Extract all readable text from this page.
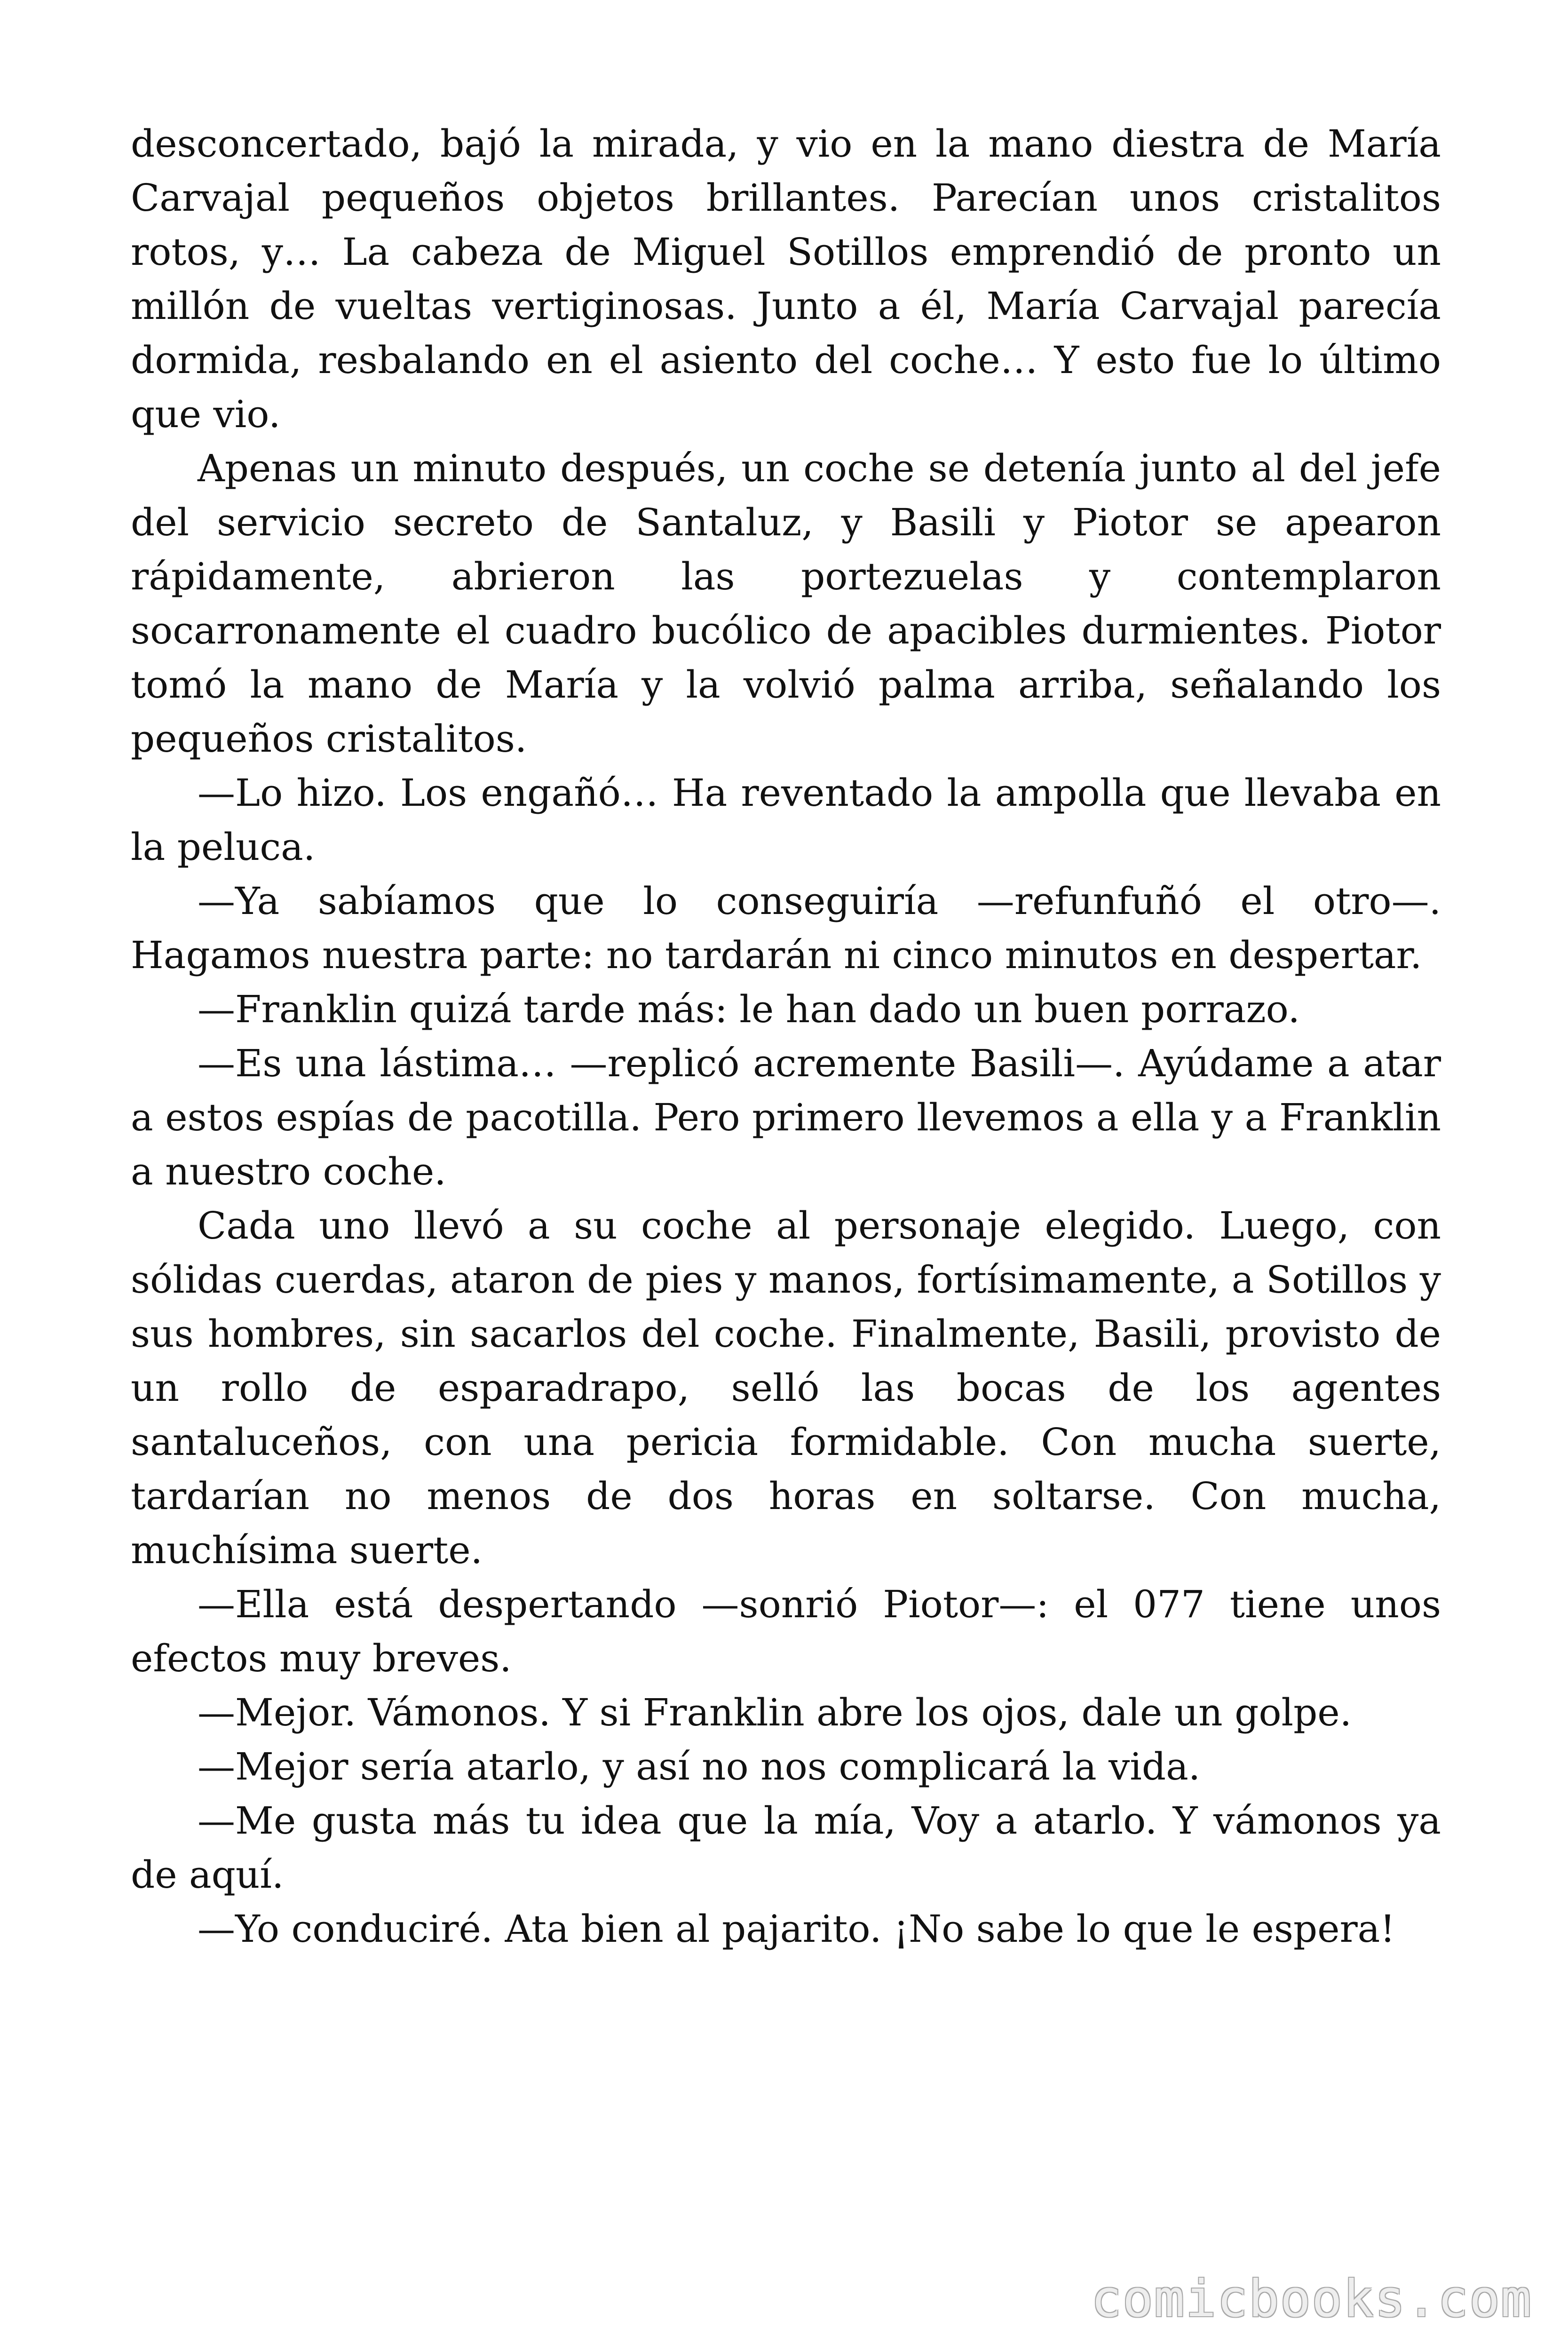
desconcertado, bajó la mirada, y vio en la mano diestra de María Carvajal pequeños objetos brillantes. Parecían unos cristalitos rotos, y… La cabeza de Miguel Sotillos emprendió de pronto un millón de vueltas vertiginosas. Junto a él, María Carvajal parecía dormida, resbalando en el asiento del coche… Y esto fue lo último que vio.

Apenas un minuto después, un coche se detenía junto al del jefe del servicio secreto de Santaluz, y Basili y Piotor se apearon rápidamente, abrieron las portezuelas y contemplaron socarronamente el cuadro bucólico de apacibles durmientes. Piotor tomó la mano de María y la volvió palma arriba, señalando los pequeños cristalitos.

—Lo hizo. Los engañó… Ha reventado la ampolla que llevaba en la peluca.

—Ya sabíamos que lo conseguiría —refunfuñó el otro—. Hagamos nuestra parte: no tardarán ni cinco minutos en despertar.

—Franklin quizá tarde más: le han dado un buen porrazo.

—Es una lástima… —replicó acremente Basili—. Ayúdame a atar a estos espías de pacotilla. Pero primero llevemos a ella y a Franklin a nuestro coche.

Cada uno llevó a su coche al personaje elegido. Luego, con sólidas cuerdas, ataron de pies y manos, fortísimamente, a Sotillos y sus hombres, sin sacarlos del coche. Finalmente, Basili, provisto de un rollo de esparadrapo, selló las bocas de los agentes santaluceños, con una pericia formidable. Con mucha suerte, tardarían no menos de dos horas en soltarse. Con mucha, muchísima suerte.

—Ella está despertando —sonrió Piotor—: el 077 tiene unos efectos muy breves.

—Mejor. Vámonos. Y si Franklin abre los ojos, dale un golpe.

—Mejor sería atarlo, y así no nos complicará la vida.

—Me gusta más tu idea que la mía, Voy a atarlo. Y vámonos ya de aquí.

—Yo conduciré. Ata bien al pajarito. ¡No sabe lo que le espera!

comicbooks.com
